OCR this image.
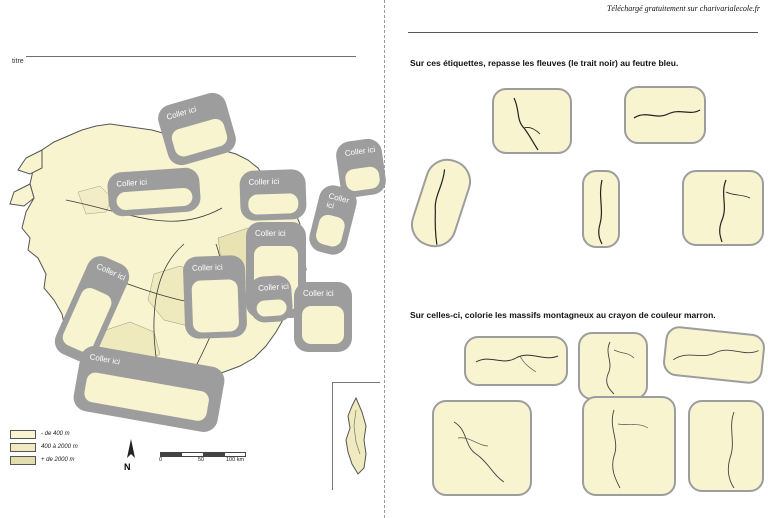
titre
- de 400 m
400 à 2000 m
+ de 2000 m
N
0	50	100 km
Coller ici
Coller ici
Coller ici	Coller ici
Coller ici
Coller ici
Coller ici
Coller ici
Coller ici
Coller ici
Coller ici
Téléchargé gratuitement sur charivarialecole.fr
Sur ces étiquettes, repasse les fleuves (le trait noir) au feutre bleu.
Sur celles-ci, colorie les massifs montagneux au crayon de couleur marron.
